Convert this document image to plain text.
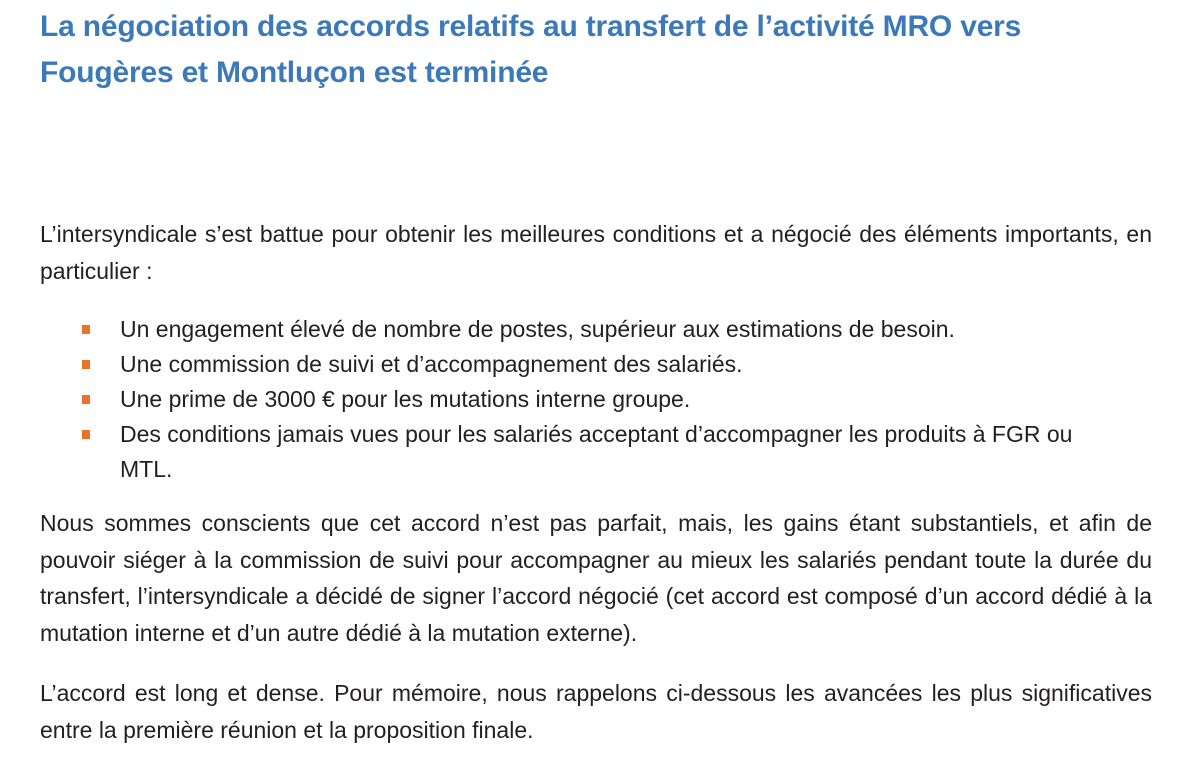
La négociation des accords relatifs au transfert de l’activité MRO vers Fougères et Montluçon est terminée

L’intersyndicale s’est battue pour obtenir les meilleures conditions et a négocié des éléments importants, en particulier :

Un engagement élevé de nombre de postes, supérieur aux estimations de besoin.
Une commission de suivi et d’accompagnement des salariés.
Une prime de 3000 € pour les mutations interne groupe.
Des conditions jamais vues pour les salariés acceptant d’accompagner les produits à FGR ou MTL.

Nous sommes conscients que cet accord n’est pas parfait, mais, les gains étant substantiels, et afin de pouvoir siéger à la commission de suivi pour accompagner au mieux les salariés pendant toute la durée du transfert, l’intersyndicale a décidé de signer l’accord négocié (cet accord est composé d’un accord dédié à la mutation interne et d’un autre dédié à la mutation externe).

L’accord est long et dense. Pour mémoire, nous rappelons ci-dessous les avancées les plus significatives entre la première réunion et la proposition finale.
